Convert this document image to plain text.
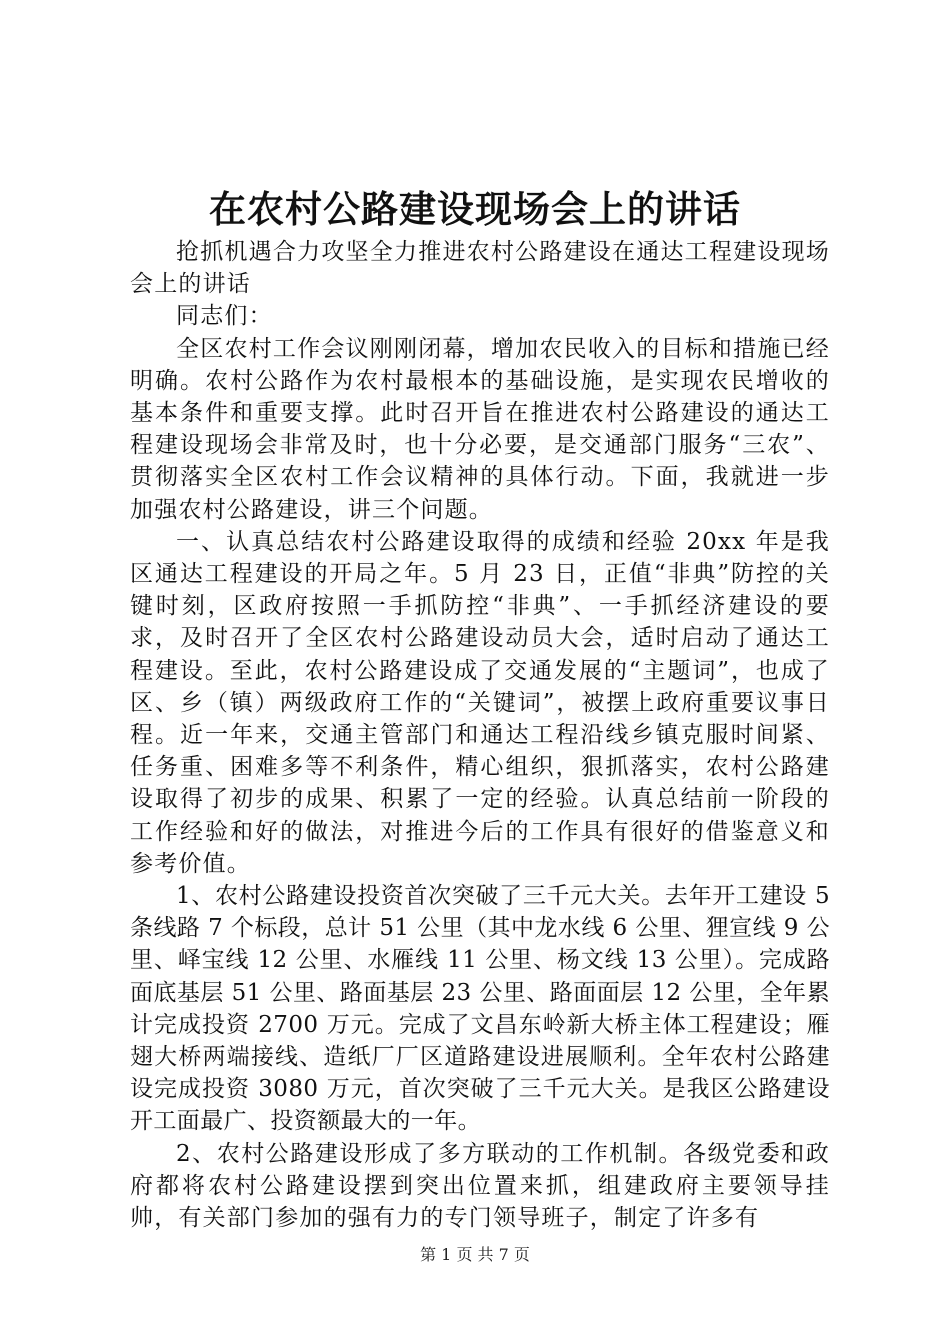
在农村公路建设现场会上的讲话

抢抓机遇合力攻坚全力推进农村公路建设在通达工程建设现场会上的讲话

同志们：

全区农村工作会议刚刚闭幕，增加农民收入的目标和措施已经明确。农村公路作为农村最根本的基础设施，是实现农民增收的基本条件和重要支撑。此时召开旨在推进农村公路建设的通达工程建设现场会非常及时，也十分必要，是交通部门服务“三农”、贯彻落实全区农村工作会议精神的具体行动。下面，我就进一步加强农村公路建设，讲三个问题。

一、认真总结农村公路建设取得的成绩和经验 20xx 年是我区通达工程建设的开局之年。5 月 23 日，正值“非典”防控的关键时刻，区政府按照一手抓防控“非典”、一手抓经济建设的要求，及时召开了全区农村公路建设动员大会，适时启动了通达工程建设。至此，农村公路建设成了交通发展的“主题词”，也成了区、乡（镇）两级政府工作的“关键词”，被摆上政府重要议事日程。近一年来，交通主管部门和通达工程沿线乡镇克服时间紧、任务重、困难多等不利条件，精心组织，狠抓落实，农村公路建设取得了初步的成果、积累了一定的经验。认真总结前一阶段的工作经验和好的做法，对推进今后的工作具有很好的借鉴意义和参考价值。

1、农村公路建设投资首次突破了三千元大关。去年开工建设 5 条线路 7 个标段，总计 51 公里（其中龙水线 6 公里、狸宣线 9 公里、峄宝线 12 公里、水雁线 11 公里、杨文线 13 公里）。完成路面底基层 51 公里、路面基层 23 公里、路面面层 12 公里，全年累计完成投资 2700 万元。完成了文昌东岭新大桥主体工程建设；雁翅大桥两端接线、造纸厂厂区道路建设进展顺利。全年农村公路建设完成投资 3080 万元，首次突破了三千元大关。是我区公路建设开工面最广、投资额最大的一年。

2、农村公路建设形成了多方联动的工作机制。各级党委和政府都将农村公路建设摆到突出位置来抓，组建政府主要领导挂帅，有关部门参加的强有力的专门领导班子，制定了许多有

第 1 页 共 7 页
